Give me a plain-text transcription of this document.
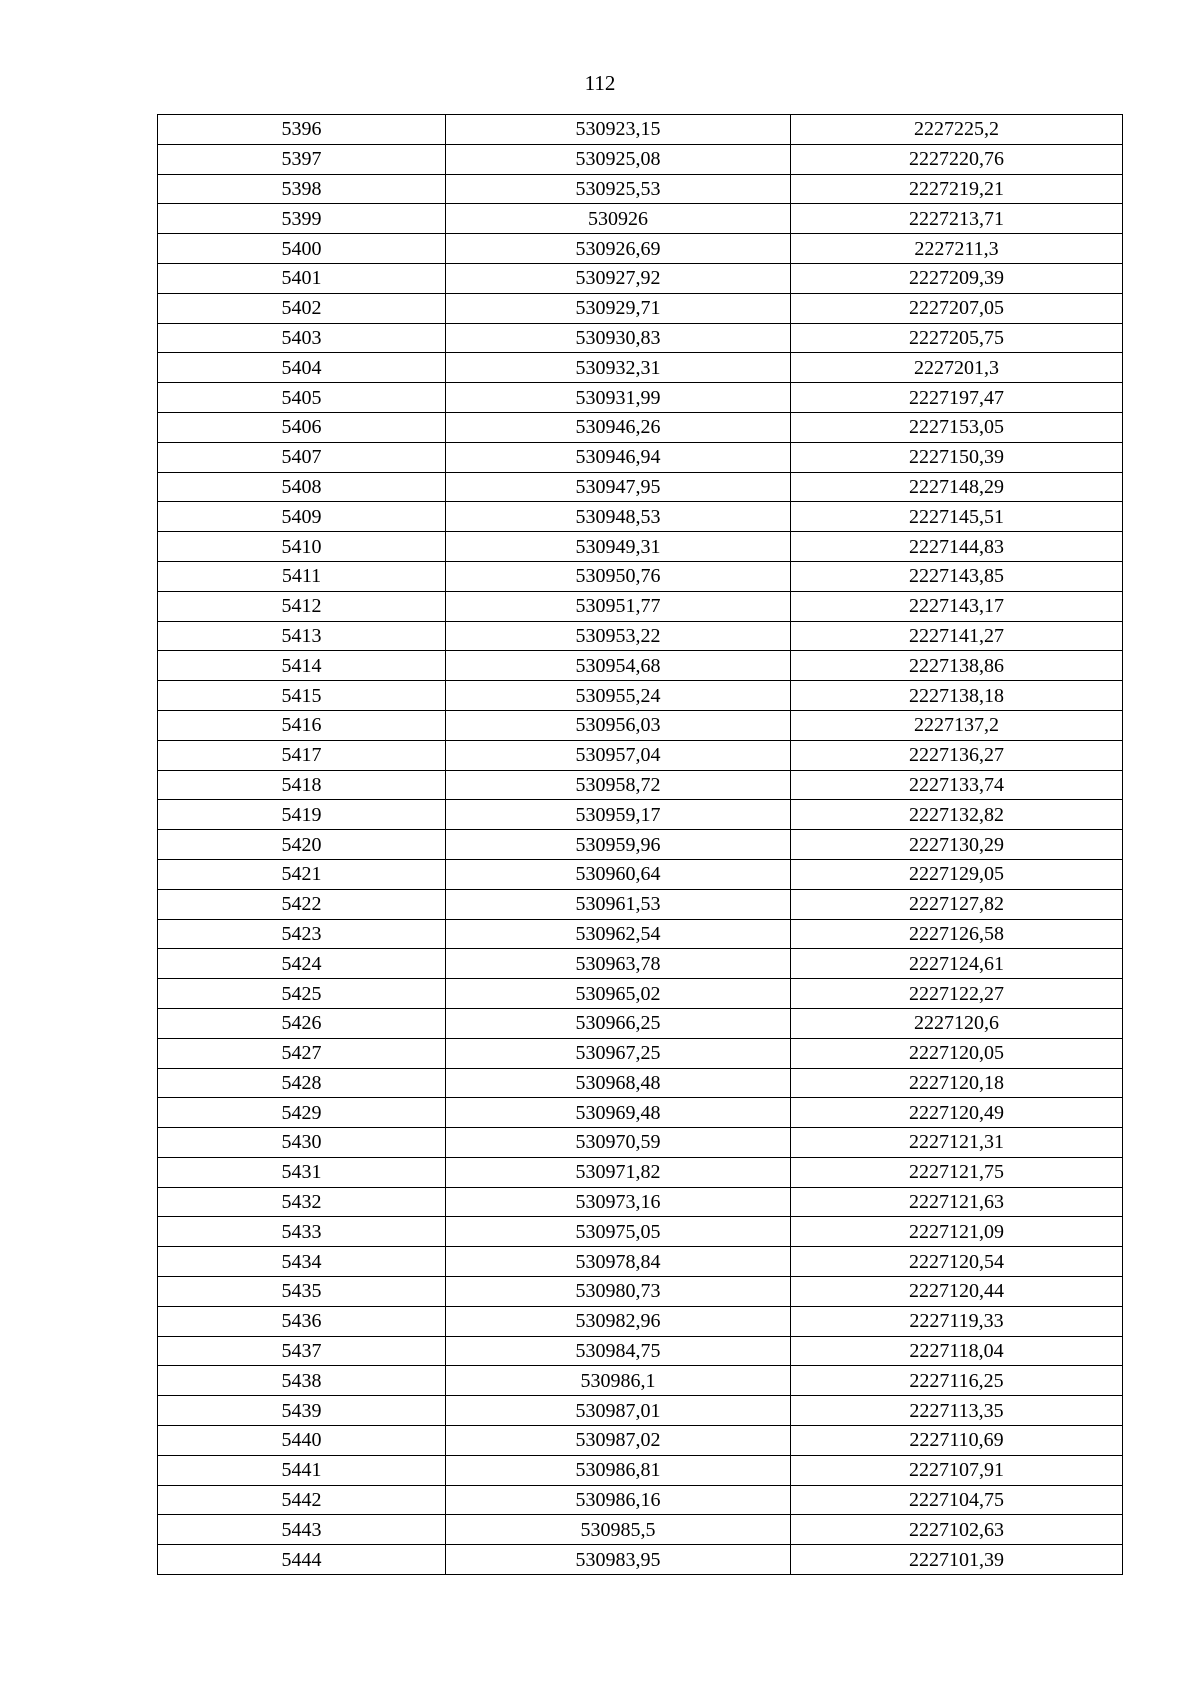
112
5396	530923,15	2227225,2
5397	530925,08	2227220,76
5398	530925,53	2227219,21
5399	530926	2227213,71
5400	530926,69	2227211,3
5401	530927,92	2227209,39
5402	530929,71	2227207,05
5403	530930,83	2227205,75
5404	530932,31	2227201,3
5405	530931,99	2227197,47
5406	530946,26	2227153,05
5407	530946,94	2227150,39
5408	530947,95	2227148,29
5409	530948,53	2227145,51
5410	530949,31	2227144,83
5411	530950,76	2227143,85
5412	530951,77	2227143,17
5413	530953,22	2227141,27
5414	530954,68	2227138,86
5415	530955,24	2227138,18
5416	530956,03	2227137,2
5417	530957,04	2227136,27
5418	530958,72	2227133,74
5419	530959,17	2227132,82
5420	530959,96	2227130,29
5421	530960,64	2227129,05
5422	530961,53	2227127,82
5423	530962,54	2227126,58
5424	530963,78	2227124,61
5425	530965,02	2227122,27
5426	530966,25	2227120,6
5427	530967,25	2227120,05
5428	530968,48	2227120,18
5429	530969,48	2227120,49
5430	530970,59	2227121,31
5431	530971,82	2227121,75
5432	530973,16	2227121,63
5433	530975,05	2227121,09
5434	530978,84	2227120,54
5435	530980,73	2227120,44
5436	530982,96	2227119,33
5437	530984,75	2227118,04
5438	530986,1	2227116,25
5439	530987,01	2227113,35
5440	530987,02	2227110,69
5441	530986,81	2227107,91
5442	530986,16	2227104,75
5443	530985,5	2227102,63
5444	530983,95	2227101,39
